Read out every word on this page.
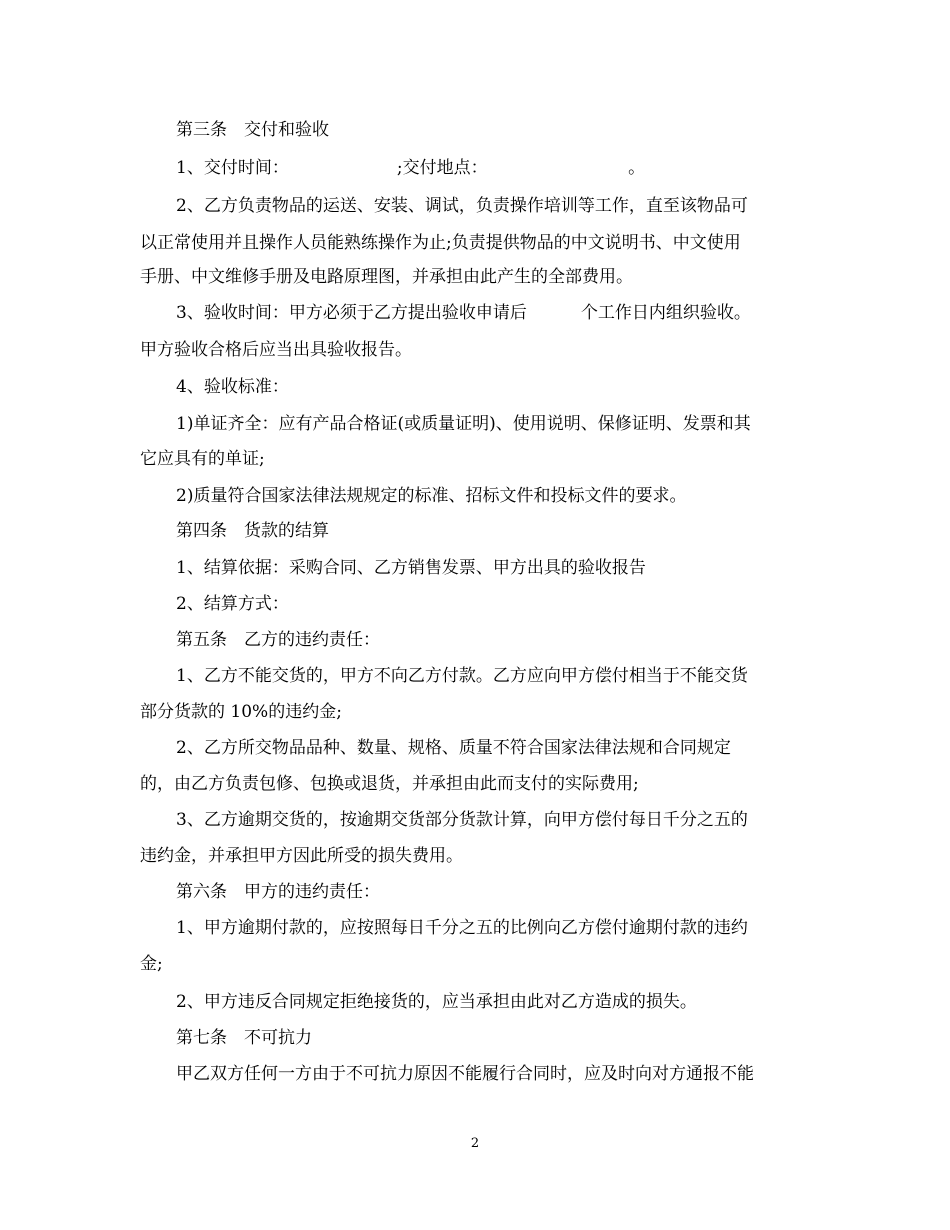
第三条　交付和验收
1、交付时间：                    ;交付地点：                          。
2、乙方负责物品的运送、安装、调试，负责操作培训等工作，直至该物品可
以正常使用并且操作人员能熟练操作为止;负责提供物品的中文说明书、中文使用
手册、中文维修手册及电路原理图，并承担由此产生的全部费用。
3、验收时间：甲方必须于乙方提出验收申请后          个工作日内组织验收。
甲方验收合格后应当出具验收报告。
4、验收标准：
1)单证齐全：应有产品合格证(或质量证明)、使用说明、保修证明、发票和其
它应具有的单证;
2)质量符合国家法律法规规定的标准、招标文件和投标文件的要求。
第四条　货款的结算
1、结算依据：采购合同、乙方销售发票、甲方出具的验收报告
2、结算方式：
第五条　乙方的违约责任：
1、乙方不能交货的，甲方不向乙方付款。乙方应向甲方偿付相当于不能交货
部分货款的 10%的违约金;
2、乙方所交物品品种、数量、规格、质量不符合国家法律法规和合同规定
的，由乙方负责包修、包换或退货，并承担由此而支付的实际费用;
3、乙方逾期交货的，按逾期交货部分货款计算，向甲方偿付每日千分之五的
违约金，并承担甲方因此所受的损失费用。
第六条　甲方的违约责任：
1、甲方逾期付款的，应按照每日千分之五的比例向乙方偿付逾期付款的违约
金;
2、甲方违反合同规定拒绝接货的，应当承担由此对乙方造成的损失。
第七条　不可抗力
甲乙双方任何一方由于不可抗力原因不能履行合同时，应及时向对方通报不能
2
